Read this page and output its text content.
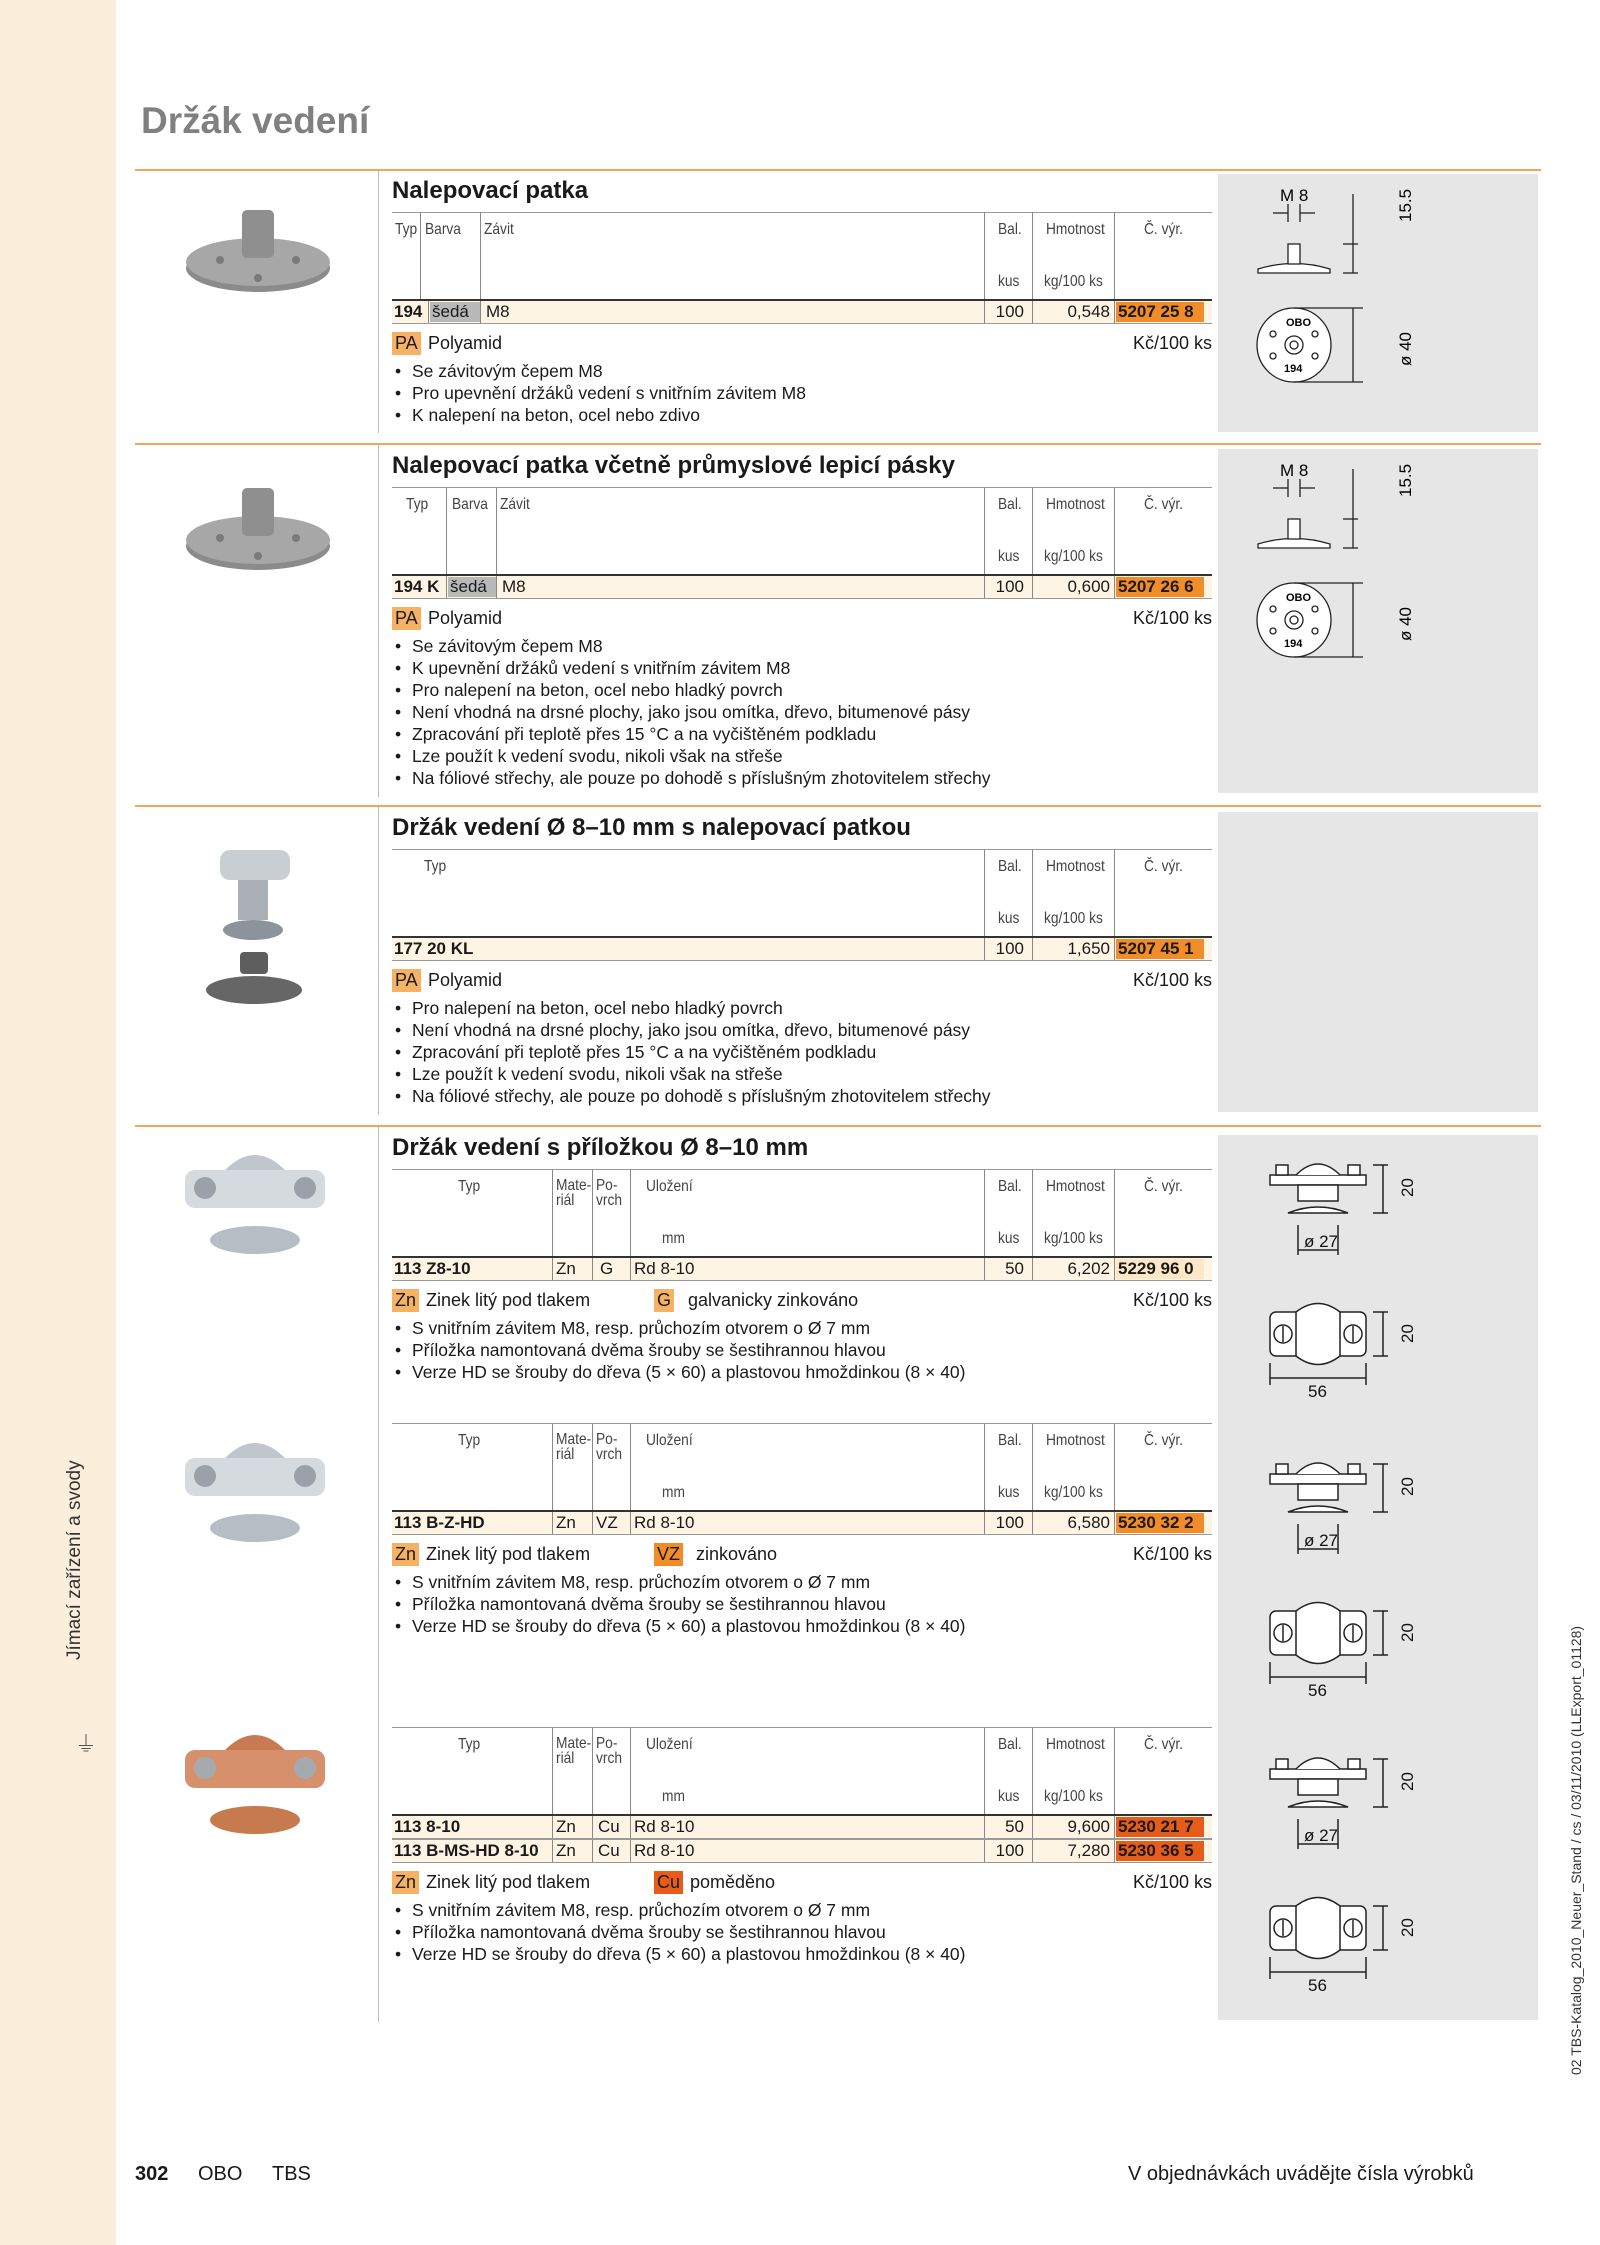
Jímací zařízení a svody
⏚	02 TBS-Katalog_2010_Neuer_Stand / cs / 03/11/2010 (LLExport_01128)
Držák vedení
M 8	15.5
OBO
194
ø 40
M 8	15.5
OBO
194
ø 40
20
ø 27
20
56
20
ø 27
20
56
20
ø 27
20
56
Nalepovací patka
Typ Barva Závit	Bal. Hmotnost Č. výr.
kus kg/100 ks
194 šedá	M8	100	0,548 5207 25 8
PA Polyamid	Kč/100 ks
• Se závitovým čepem M8
• Pro upevnění držáků vedení s vnitřním závitem M8
• K nalepení na beton, ocel nebo zdivo
Nalepovací patka včetně průmyslové lepicí pásky
Typ Barva Závit	Bal. Hmotnost Č. výr.
kus kg/100 ks
194 K šedá M8	100	0,600 5207 26 6
PA Polyamid	Kč/100 ks
• Se závitovým čepem M8
• K upevnění držáků vedení s vnitřním závitem M8
• Pro nalepení na beton, ocel nebo hladký povrch
• Není vhodná na drsné plochy, jako jsou omítka, dřevo, bitumenové pásy
• Zpracování při teplotě přes 15 °C a na vyčištěném podkladu
• Lze použít k vedení svodu, nikoli však na střeše
• Na fóliové střechy, ale pouze po dohodě s příslušným zhotovitelem střechy
Držák vedení Ø 8–10 mm s nalepovací patkou
Typ	Bal. Hmotnost Č. výr.
kus kg/100 ks
177 20 KL	100	1,650 5207 45 1
PA Polyamid	Kč/100 ks
• Pro nalepení na beton, ocel nebo hladký povrch
• Není vhodná na drsné plochy, jako jsou omítka, dřevo, bitumenové pásy
• Zpracování při teplotě přes 15 °C a na vyčištěném podkladu
• Lze použít k vedení svodu, nikoli však na střeše
• Na fóliové střechy, ale pouze po dohodě s příslušným zhotovitelem střechy
Držák vedení s příložkou Ø 8–10 mm
Typ	Mate- riál
Po- vrch
Uložení
mm
Bal. Hmotnost Č. výr.
kus kg/100 ks
113 Z8-10	Zn G Rd 8-10	50	6,202 5229 96 0
Zn Zinek litý pod tlakem	G galvanicky zinkováno	Kč/100 ks
• S vnitřním závitem M8, resp. průchozím otvorem o Ø 7 mm
• Příložka namontovaná dvěma šrouby se šestihrannou hlavou
• Verze HD se šrouby do dřeva (5 × 60) a plastovou hmoždinkou (8 × 40)
Typ	Mate- riál
Po- vrch
Uložení
mm
Bal. Hmotnost Č. výr.
kus kg/100 ks
113 B-Z-HD	Zn VZ Rd 8-10	100	6,580 5230 32 2
Zn Zinek litý pod tlakem	VZ zinkováno	Kč/100 ks
• S vnitřním závitem M8, resp. průchozím otvorem o Ø 7 mm
• Příložka namontovaná dvěma šrouby se šestihrannou hlavou
• Verze HD se šrouby do dřeva (5 × 60) a plastovou hmoždinkou (8 × 40)
Typ	Mate- riál
Po- vrch
Uložení
mm
Bal. Hmotnost Č. výr.
kus kg/100 ks
113 8-10	Zn Cu Rd 8-10	50	9,600 5230 21 7
113 B-MS-HD 8-10 Zn Cu Rd 8-10	100	7,280 5230 36 5
Zn Zinek litý pod tlakem	Cu poměděno	Kč/100 ks
• S vnitřním závitem M8, resp. průchozím otvorem o Ø 7 mm
• Příložka namontovaná dvěma šrouby se šestihrannou hlavou
• Verze HD se šrouby do dřeva (5 × 60) a plastovou hmoždinkou (8 × 40)
302 OBO TBS	V objednávkách uvádějte čísla výrobků
